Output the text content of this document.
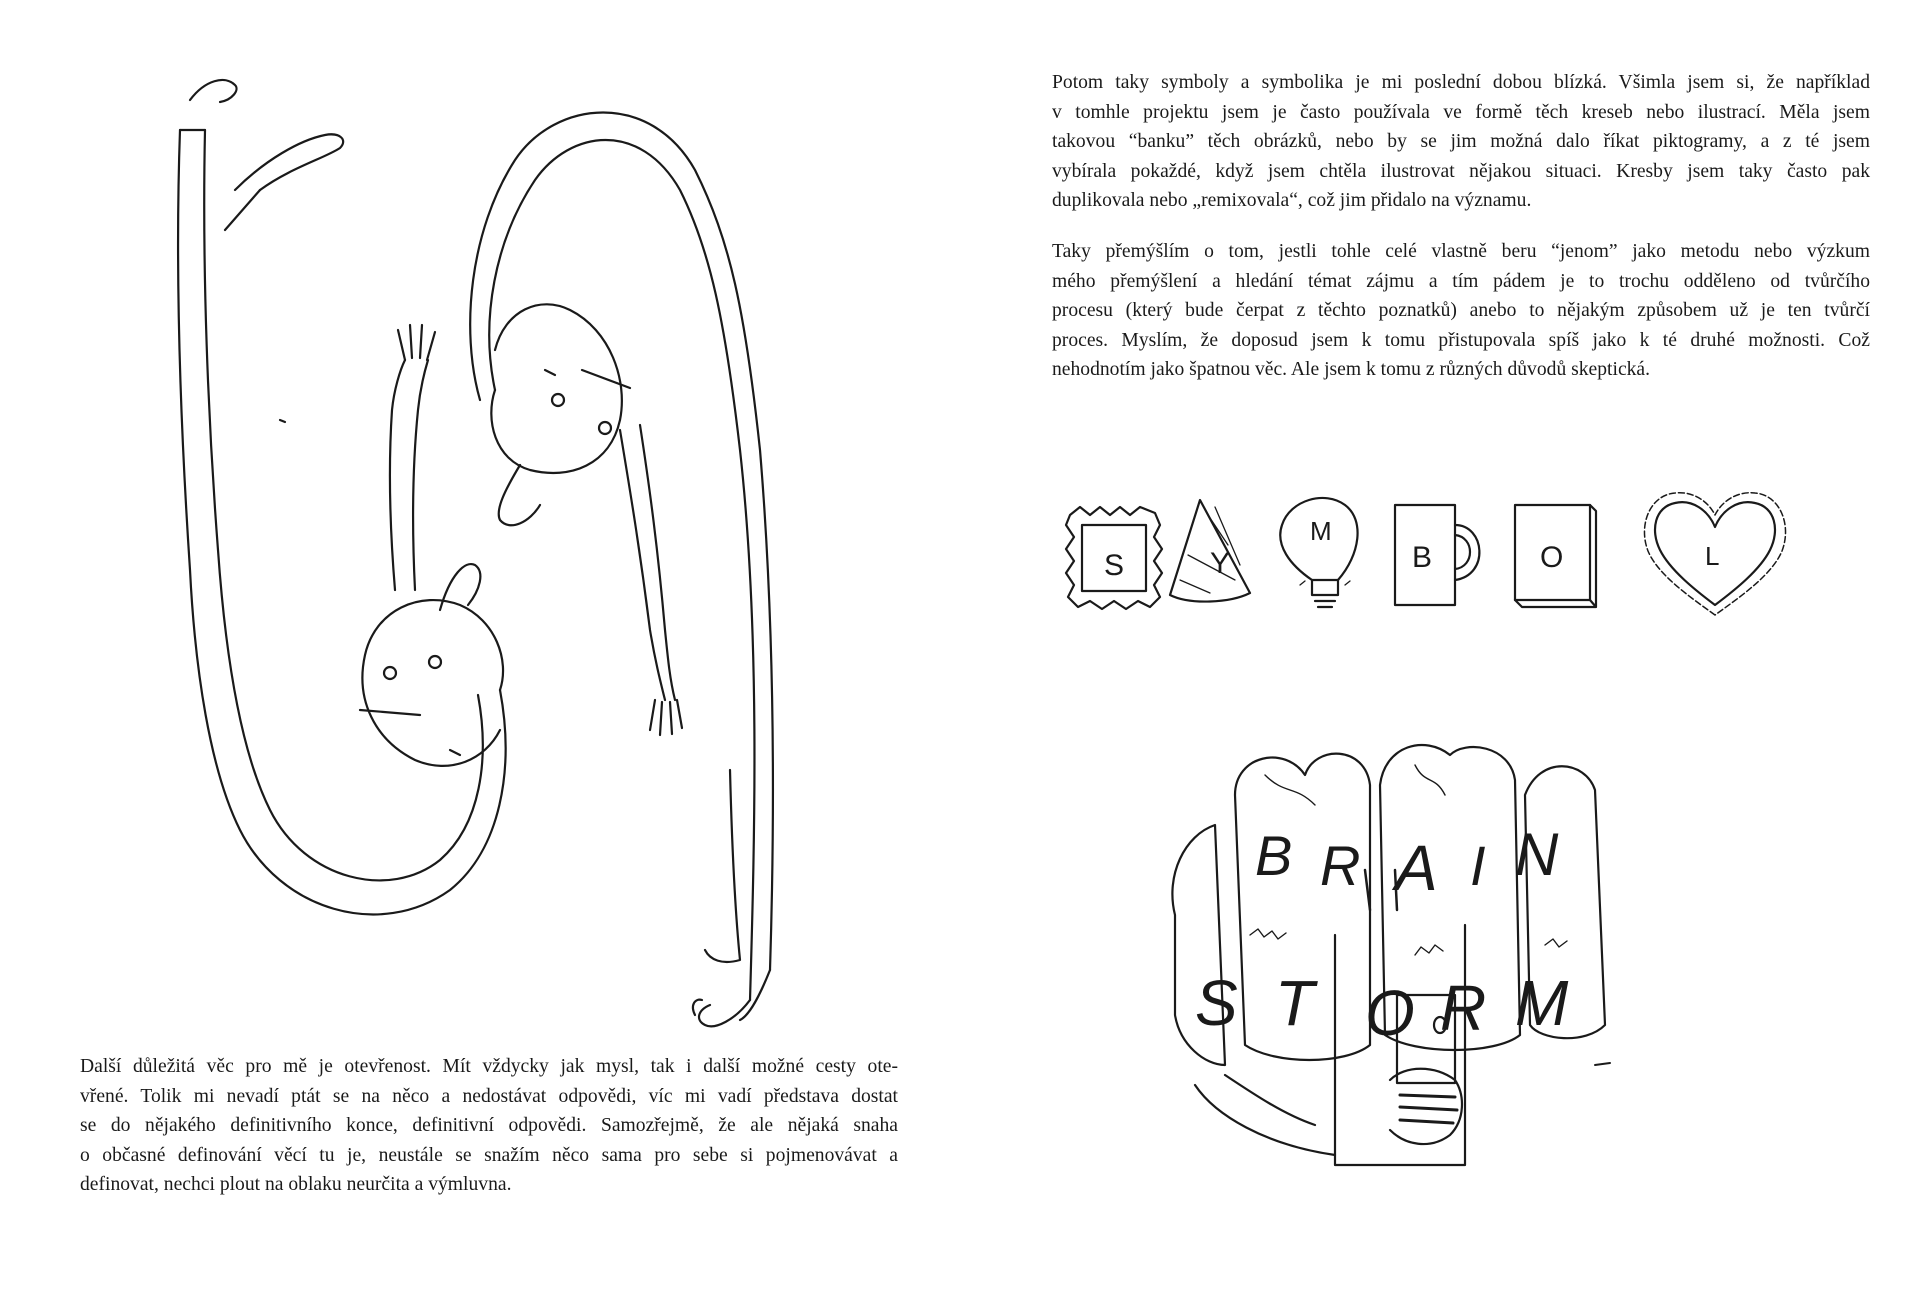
Další důležitá věc pro mě je otevřenost. Mít vždycky jak mysl, tak i další možné cesty ote-
vřené. Tolik mi nevadí ptát se na něco a nedostávat odpovědi, víc mi vadí představa dostat
se do nějakého definitivního konce, definitivní odpovědi. Samozřejmě, že ale nějaká snaha
o občasné definování věcí tu je, neustále se snažím něco sama pro sebe si pojmenovávat a
definovat, nechci plout na oblaku neurčita a výmluvna.
Potom taky symboly a symbolika je mi poslední dobou blízká. Všimla jsem si, že například
v tomhle projektu jsem je často používala ve formě těch kreseb nebo ilustrací. Měla jsem
takovou “banku” těch obrázků, nebo by se jim možná dalo říkat piktogramy, a z té jsem
vybírala pokaždé, když jsem chtěla ilustrovat nějakou situaci. Kresby jsem taky často pak
duplikovala nebo „remixovala“, což jim přidalo na významu.
Taky přemýšlím o tom, jestli tohle celé vlastně beru “jenom” jako metodu nebo výzkum
mého přemýšlení a hledání témat zájmu a tím pádem je to trochu odděleno od tvůrčího
procesu (který bude čerpat z těchto poznatků) anebo to nějakým způsobem už je ten tvůrčí
proces. Myslím, že doposud jsem k tomu přistupovala spíš jako k té druhé možnosti. Což
nehodnotím jako špatnou věc. Ale jsem k tomu z různých důvodů skeptická.
S	Y
M
B	O	L
B R A I N
S T O R M
